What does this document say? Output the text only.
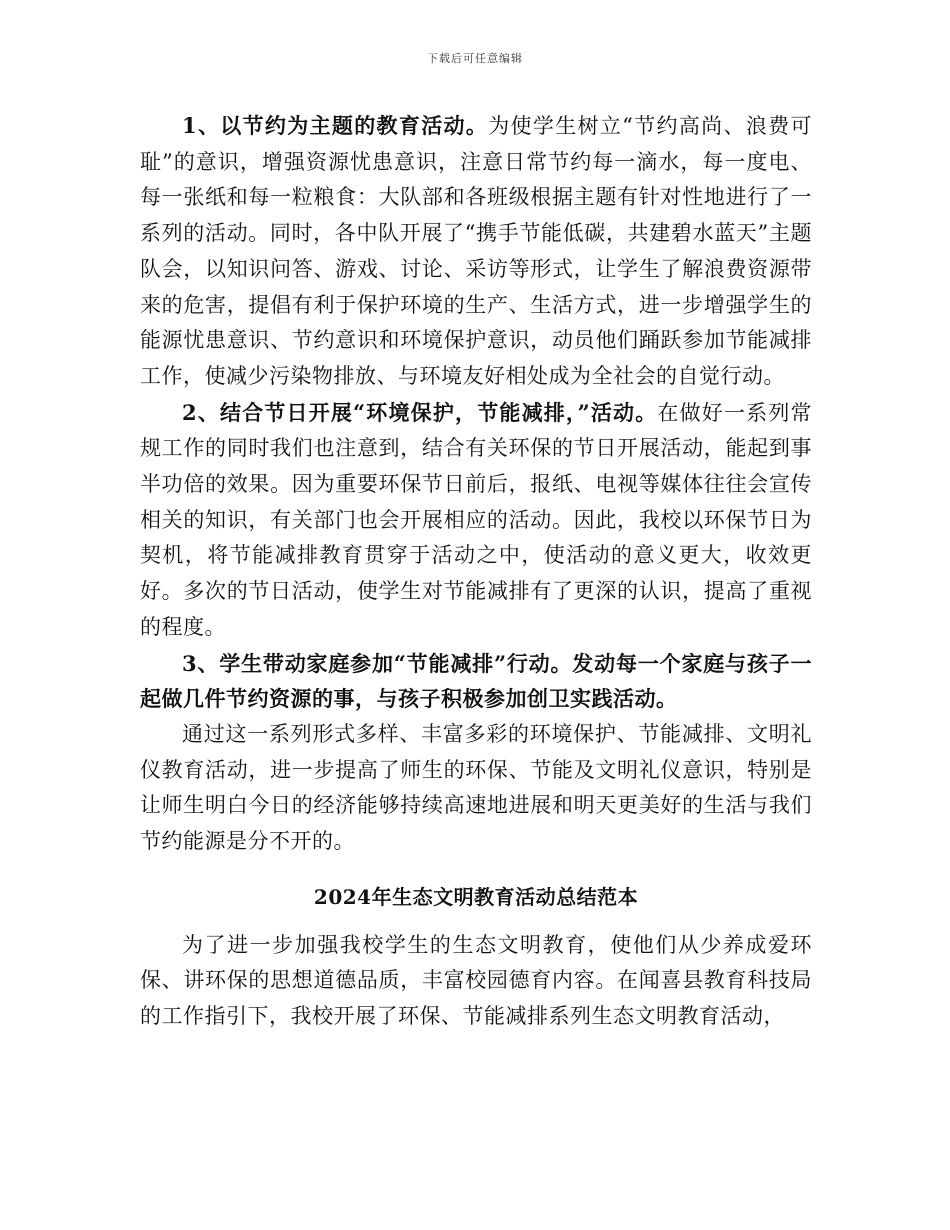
下载后可任意编辑

1、以节约为主题的教育活动。为使学生树立“节约高尚、浪费可耻”的意识，增强资源忧患意识，注意日常节约每一滴水，每一度电、每一张纸和每一粒粮食：大队部和各班级根据主题有针对性地进行了一系列的活动。同时，各中队开展了“携手节能低碳，共建碧水蓝天”主题队会，以知识问答、游戏、讨论、采访等形式，让学生了解浪费资源带来的危害，提倡有利于保护环境的生产、生活方式，进一步增强学生的能源忧患意识、节约意识和环境保护意识，动员他们踊跃参加节能减排工作，使减少污染物排放、与环境友好相处成为全社会的自觉行动。

2、结合节日开展“环境保护，节能减排，”活动。在做好一系列常规工作的同时我们也注意到，结合有关环保的节日开展活动，能起到事半功倍的效果。因为重要环保节日前后，报纸、电视等媒体往往会宣传相关的知识，有关部门也会开展相应的活动。因此，我校以环保节日为契机，将节能减排教育贯穿于活动之中，使活动的意义更大，收效更好。多次的节日活动，使学生对节能减排有了更深的认识，提高了重视的程度。

3、学生带动家庭参加“节能减排”行动。发动每一个家庭与孩子一起做几件节约资源的事，与孩子积极参加创卫实践活动。

通过这一系列形式多样、丰富多彩的环境保护、节能减排、文明礼仪教育活动，进一步提高了师生的环保、节能及文明礼仪意识，特别是让师生明白今日的经济能够持续高速地进展和明天更美好的生活与我们节约能源是分不开的。

2024年生态文明教育活动总结范本

为了进一步加强我校学生的生态文明教育，使他们从少养成爱环保、讲环保的思想道德品质，丰富校园德育内容。在闻喜县教育科技局的工作指引下，我校开展了环保、节能减排系列生态文明教育活动，
